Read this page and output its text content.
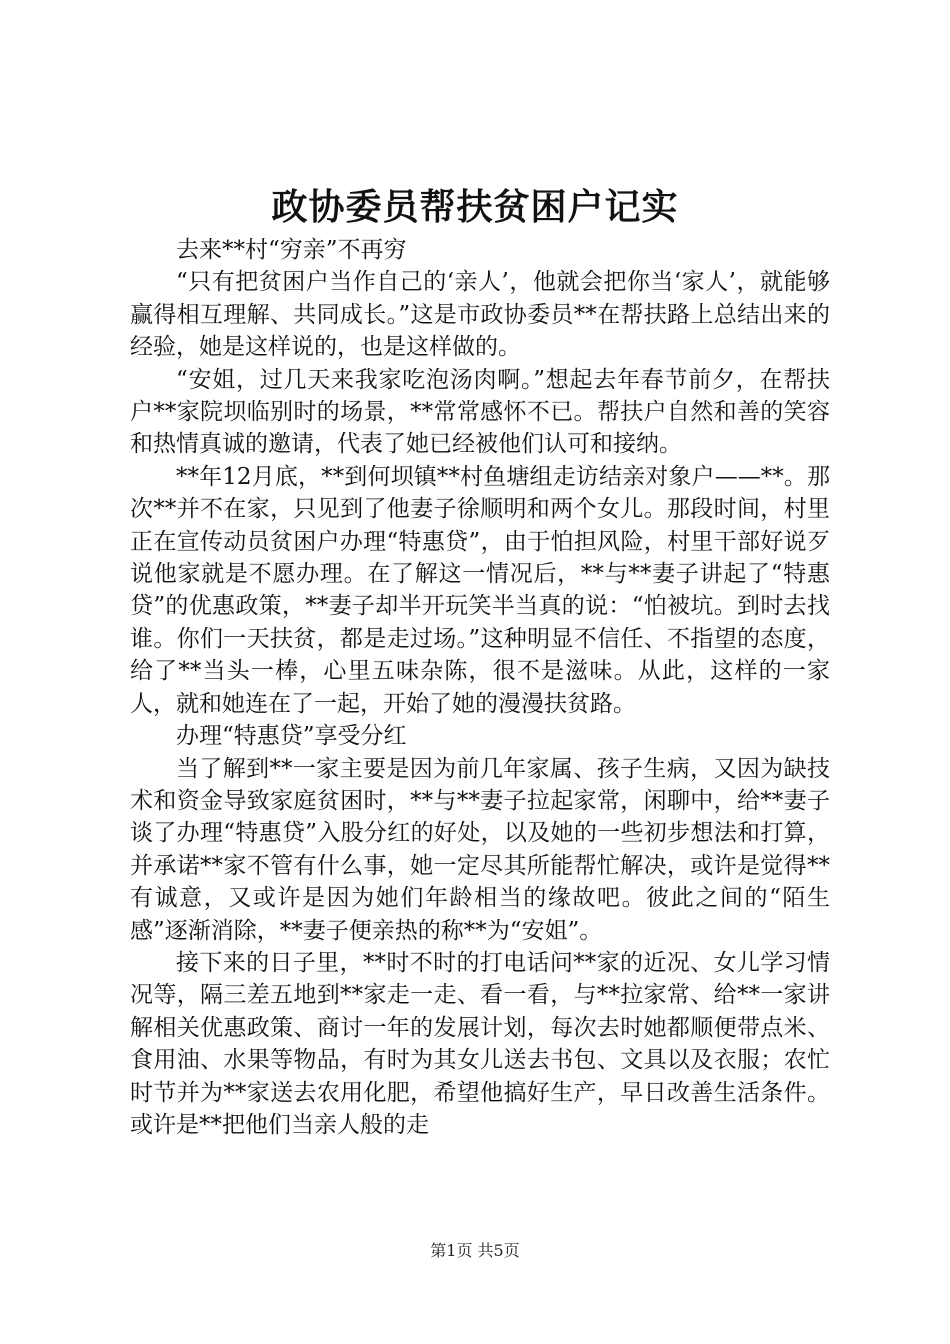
政协委员帮扶贫困户记实

去来**村“穷亲”不再穷

“只有把贫困户当作自己的‘亲人’，他就会把你当‘家人’，就能够赢得相互理解、共同成长。”这是市政协委员**在帮扶路上总结出来的经验，她是这样说的，也是这样做的。

“安姐，过几天来我家吃泡汤肉啊。”想起去年春节前夕，在帮扶户**家院坝临别时的场景，**常常感怀不已。帮扶户自然和善的笑容和热情真诚的邀请，代表了她已经被他们认可和接纳。

**年12月底，**到何坝镇**村鱼塘组走访结亲对象户——**。那次**并不在家，只见到了他妻子徐顺明和两个女儿。那段时间，村里正在宣传动员贫困户办理“特惠贷”，由于怕担风险，村里干部好说歹说他家就是不愿办理。在了解这一情况后，**与**妻子讲起了“特惠贷”的优惠政策，**妻子却半开玩笑半当真的说：“怕被坑。到时去找谁。你们一天扶贫，都是走过场。”这种明显不信任、不指望的态度，给了**当头一棒，心里五味杂陈，很不是滋味。从此，这样的一家人，就和她连在了一起，开始了她的漫漫扶贫路。

办理“特惠贷”享受分红

当了解到**一家主要是因为前几年家属、孩子生病，又因为缺技术和资金导致家庭贫困时，**与**妻子拉起家常，闲聊中，给**妻子谈了办理“特惠贷”入股分红的好处，以及她的一些初步想法和打算，并承诺**家不管有什么事，她一定尽其所能帮忙解决，或许是觉得**有诚意，又或许是因为她们年龄相当的缘故吧。彼此之间的“陌生感”逐渐消除，**妻子便亲热的称**为“安姐”。

接下来的日子里，**时不时的打电话问**家的近况、女儿学习情况等，隔三差五地到**家走一走、看一看，与**拉家常、给**一家讲解相关优惠政策、商讨一年的发展计划，每次去时她都顺便带点米、食用油、水果等物品，有时为其女儿送去书包、文具以及衣服；农忙时节并为**家送去农用化肥，希望他搞好生产，早日改善生活条件。或许是**把他们当亲人般的走

第1页 共5页
